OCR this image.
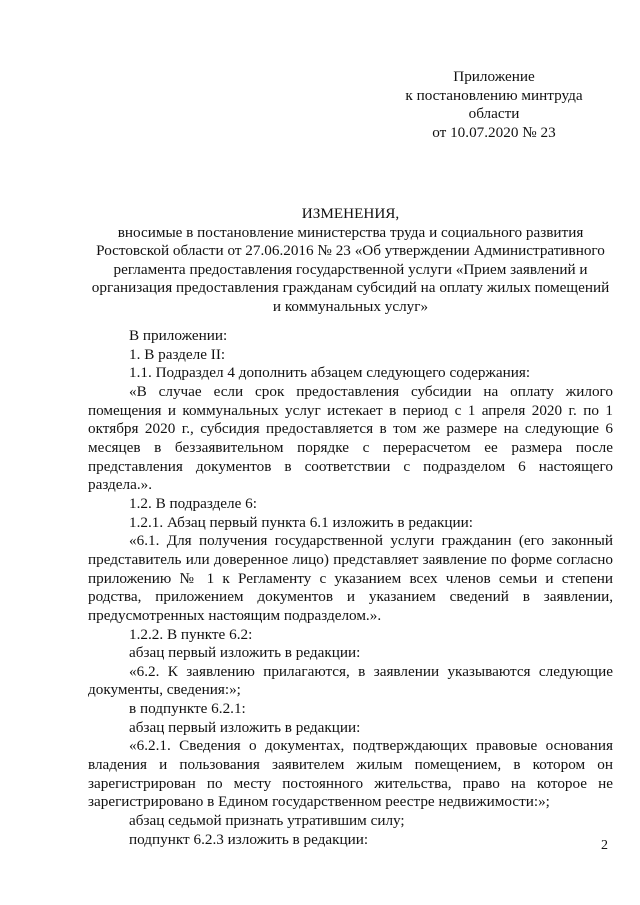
Приложение
к постановлению минтруда
области
от 10.07.2020 № 23
ИЗМЕНЕНИЯ,
вносимые в постановление министерства труда и социального развития Ростовской области от 27.06.2016 № 23 «Об утверждении Административного регламента предоставления государственной услуги «Прием заявлений и организация предоставления гражданам субсидий на оплату жилых помещений и коммунальных услуг»

В приложении:

1. В разделе II:

1.1. Подраздел 4 дополнить абзацем следующего содержания:

«В случае если срок предоставления субсидии на оплату жилого помещения и коммунальных услуг истекает в период с 1 апреля 2020 г. по 1 октября 2020 г., субсидия предоставляется в том же размере на следующие 6 месяцев в беззаявительном порядке с перерасчетом ее размера после представления документов в соответствии с подразделом 6 настоящего раздела.».

1.2. В подразделе 6:

1.2.1. Абзац первый пункта 6.1 изложить в редакции:

«6.1. Для получения государственной услуги гражданин (его законный представитель или доверенное лицо) представляет заявление по форме согласно приложению № 1 к Регламенту с указанием всех членов семьи и степени родства, приложением документов и указанием сведений в заявлении, предусмотренных настоящим подразделом.».

1.2.2. В пункте 6.2:

абзац первый изложить в редакции:

«6.2. К заявлению прилагаются, в заявлении указываются следующие документы, сведения:»;

в подпункте 6.2.1:

абзац первый изложить в редакции:

«6.2.1. Сведения о документах, подтверждающих правовые основания владения и пользования заявителем жилым помещением, в котором он зарегистрирован по месту постоянного жительства, право на которое не зарегистрировано в Едином государственном реестре недвижимости:»;

абзац седьмой признать утратившим силу;

подпункт 6.2.3 изложить в редакции:	2
